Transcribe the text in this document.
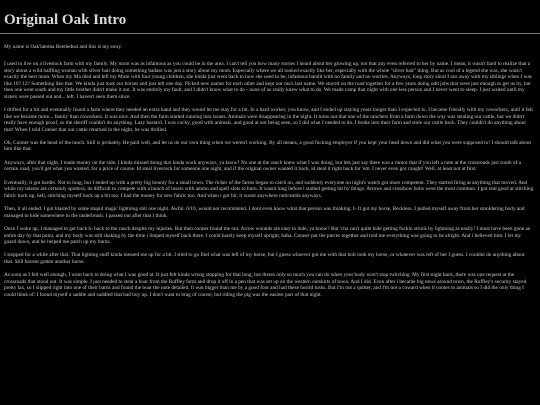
Original Oak Intro

My name is Oak'latoma Beetledust and this is my story.

I used to live on a livestock farm with my family. My mom was as infamous as you could be in the area. I can't tell you how many stories I heard about her growing up, not that any even referred to her by name. I mean, it wasn't hard to realize that a story about a wild halfling woman with silver hair doing something badass was just a story about my mom. Especially where we all looked exactly like her, especially with the whole "silver hair" thing. But as cool of a legend she was, she wasn't exactly the best mom. When my Ma died and left my Mom with four young children, she kinda just went back to how she used to be, infamous bandit with no family and no worries. Anyways, long story short I ran away with my siblings when I was like 10? 12? Something like that. We kinda just took our horses and just left one day. Picked new names for each other and kept our ma's last name. We stayed on the road together for a few years doing odd jobs that were just enough to get us by, but then one went south and my little brother didn't make it out. It was entirely my fault, and I didn't know what to do - none of us really knew what to do. We made camp that night with one less person and I never went to sleep. I just waited until my sisters were passed out and... left. I haven't seen them since.

I drifted for a bit and eventually found a farm where they needed an extra hand and they would let me stay for a bit. In a hard worker, you know, and I ended up staying years longer than I expected to. I became friendly with my coworkers, until it felt like we became more... family than coworkers. It was nice. And then the farm started running into issues. Animals were disappearing in the night. It turns out that one of the ranchers from a farm down the way was stealing our cattle, but we didn't really have enough proof, so the sheriff couldn't do anything. Lazy bastard. I was cocky, good with animals, and good at not being seen, so I did what I needed to do. I broke into their farm and stole our cattle back. They couldn't do anything about that! When I told Conner that our cattle returned in the night, he was thrilled.

Oh, Conner was the head of the ranch. Still is probably. He paid well, and let us do our own thing when we weren't working. By all means, a good fucking employer if you kept your head down and did what you were supposed to! I should talk about him like that.

Anyways, after that night, I made money on the side. I kinda missed doing that kinda work anyways, ya know? No one at the ranch knew what I was doing, but lets just say there was a rumor that if you left a note at the crossroads just south of a certain road, you'd get what you wanted, for a price of course. Id steal livestock for someone one night, and if the original owner wanted it back, id steal it right back for 'em. I never even got caught! Well, at least not at first.

Eventually, it got harder. Not to brag, but I ended up with a pretty big bounty for a small town. The richer of the farms began to catch on, and suddenly everyone on night's watch got more competent. They started firing at anything that moved. And while my talents are certainly spotless, its difficult to compete with a bunch of losers with ammo and spell slots to burn. It wasnt long before i started getting hit by things. Arrows and crossbow bolts were the most common. I got real good at stitching fabric back up, hell, stitching myself back up a bit too. I had the money for new fabric too. And when i got hit, it wasnt anywhere noticeable anyways.

Then, it all ended. I got blasted by some stupid magic lightning shit one night. Awful. 0/10, would not recommend. I dont even know what that person was thinking. I- It got my horse, Reckless. I pulled myself away from her smoldering body and managed to hide somewhere in the underbrush. I passed out after that I think.

Once I woke up, I managed to get back h- back to the ranch despite my injuries. But then conner found me out. Arrow wounds are easy to hide, ya know? But 'cha can't quite hide getting fuckin struck by lightning as easily! I must have been gone an entire day by that point, and my body was still shaking by the time i limped myself back there. I could barely keep myself upright, haha. Conner put the pieces together and told me everything was going to be alright. And i believed him. I let my guard down, and he helped me patch up my burns.

I stopped for a while after that. That lighting stuff kinda messed me up for a bit. I tried to go find what was left of my horse, but I guess whoever got me with that bolt took my horse, or whatever was left of her I guess. I couldnt do anything about that. Still havent gotten another horse.

As soon as I felt well enough, I went back to doing what I was good at. It just felt kinda wrong stopping for that long, but theres only so much you can do when your body won't stop twitching. My first night back, there was one request at the crossroads that stood out. It was simple. I just needed to steal a boar from the Ruffley farm and drop it off in a pen that was set up on the western outskirts of town. And I did. Even after i became big news around town, the Ruffley's security stayed pretty lax, so I slipped right into one of their barns and found the boar the note detailed. It was bigger than me by a good foot and had these horrid tusks. But I'm not a quitter, and I'm not a coward when it comes to animals so I did the only thing I could think of: I found myself a saddle and saddled that bad boy up. I don't want to brag of course, but riding the pig was the easiest part of that night.
